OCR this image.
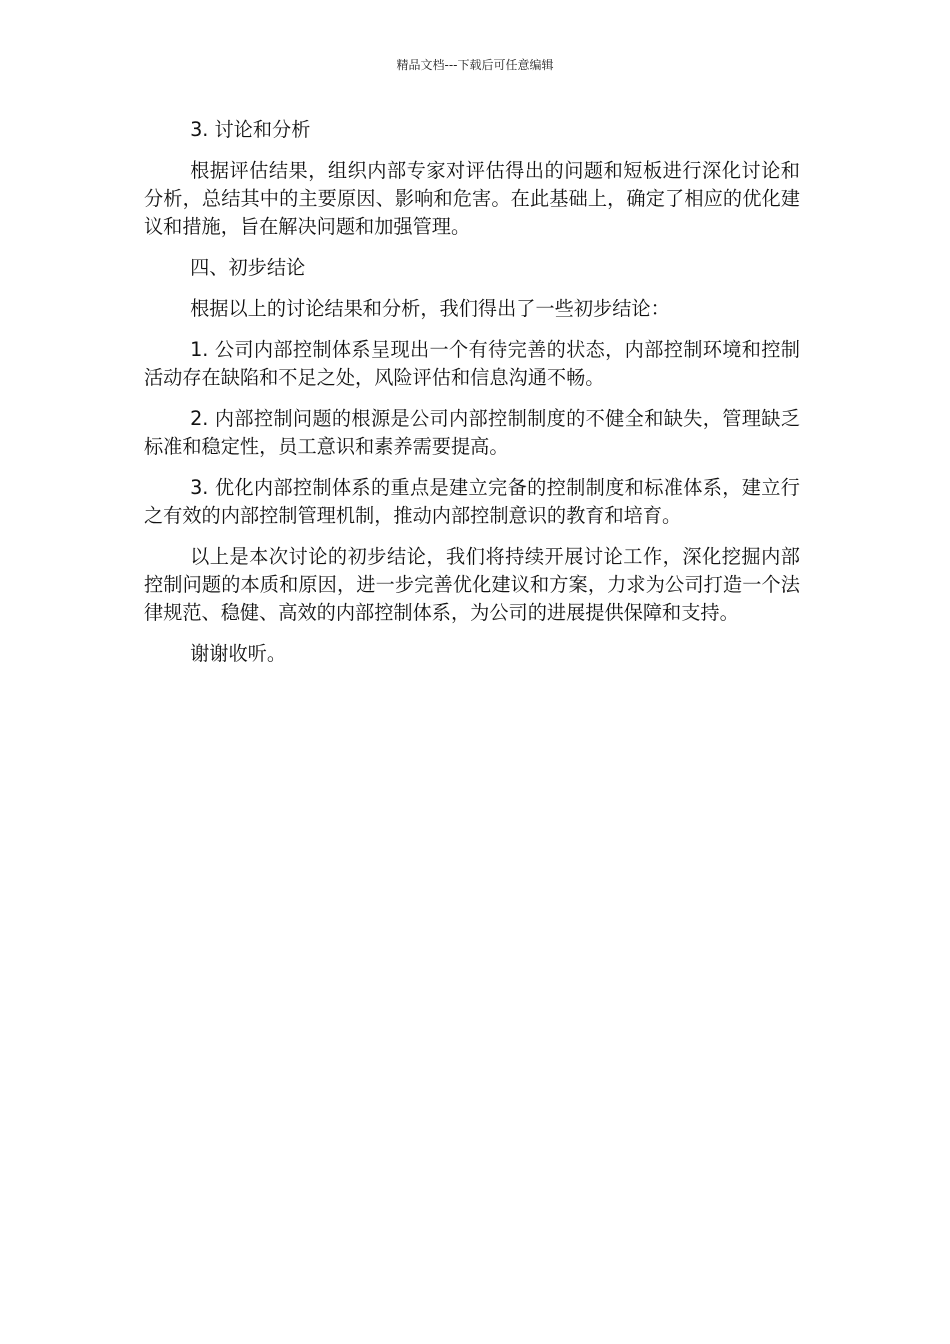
精品文档---下载后可任意编辑

3. 讨论和分析

根据评估结果，组织内部专家对评估得出的问题和短板进行深化讨论和分析，总结其中的主要原因、影响和危害。在此基础上，确定了相应的优化建议和措施，旨在解决问题和加强管理。

四、初步结论

根据以上的讨论结果和分析，我们得出了一些初步结论：

1. 公司内部控制体系呈现出一个有待完善的状态，内部控制环境和控制活动存在缺陷和不足之处，风险评估和信息沟通不畅。

2. 内部控制问题的根源是公司内部控制制度的不健全和缺失，管理缺乏标准和稳定性，员工意识和素养需要提高。

3. 优化内部控制体系的重点是建立完备的控制制度和标准体系，建立行之有效的内部控制管理机制，推动内部控制意识的教育和培育。

以上是本次讨论的初步结论，我们将持续开展讨论工作，深化挖掘内部控制问题的本质和原因，进一步完善优化建议和方案，力求为公司打造一个法律规范、稳健、高效的内部控制体系，为公司的进展提供保障和支持。

谢谢收听。
